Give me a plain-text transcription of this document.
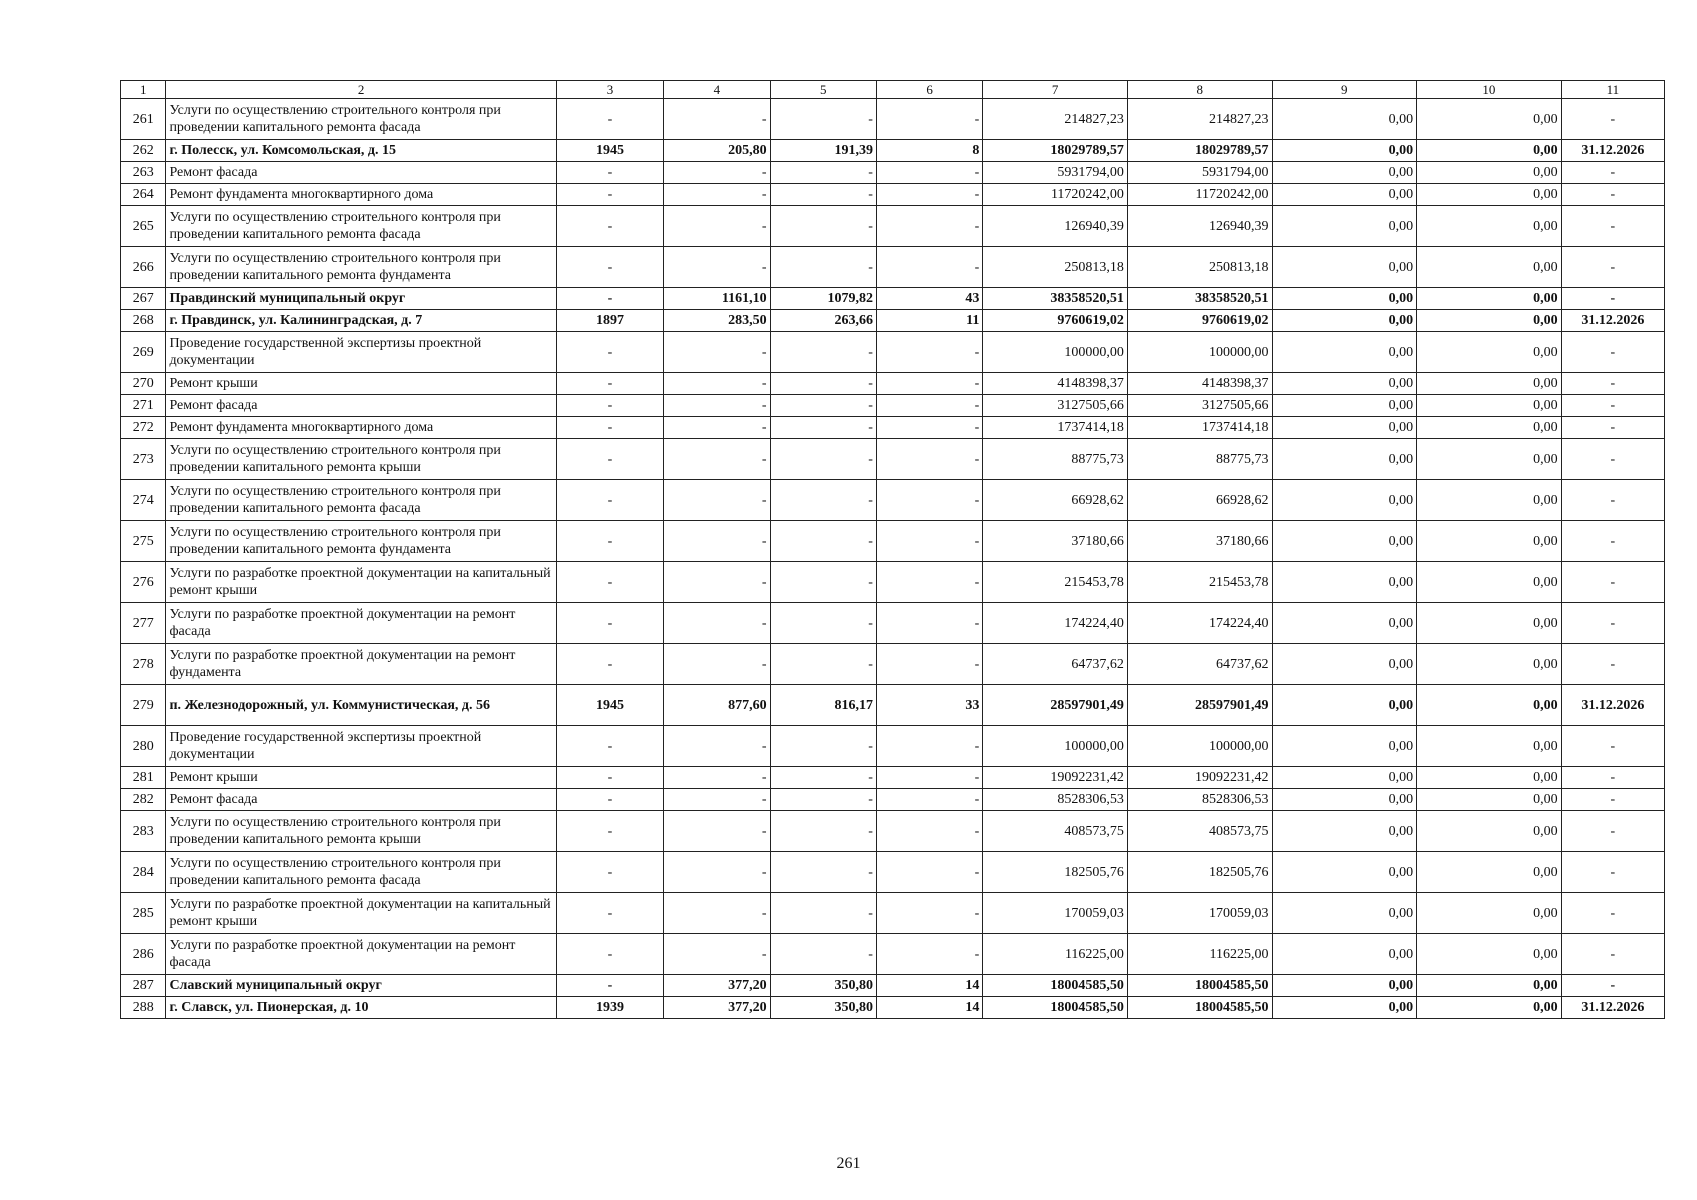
1	2	3	4	5	6	7	8	9	10	11
261	Услуги по осуществлению строительного контроля при проведении капитального ремонта фасада	-	-	-	-	214827,23	214827,23	0,00	0,00	-
262	г. Полесск, ул. Комсомольская, д. 15	1945	205,80	191,39	8	18029789,57	18029789,57	0,00	0,00	31.12.2026
263	Ремонт фасада	-	-	-	-	5931794,00	5931794,00	0,00	0,00	-
264	Ремонт фундамента многоквартирного дома	-	-	-	-	11720242,00	11720242,00	0,00	0,00	-
265	Услуги по осуществлению строительного контроля при проведении капитального ремонта фасада	-	-	-	-	126940,39	126940,39	0,00	0,00	-
266	Услуги по осуществлению строительного контроля при проведении капитального ремонта фундамента	-	-	-	-	250813,18	250813,18	0,00	0,00	-
267	Правдинский муниципальный округ	-	1161,10	1079,82	43	38358520,51	38358520,51	0,00	0,00	-
268	г. Правдинск, ул. Калининградская, д. 7	1897	283,50	263,66	11	9760619,02	9760619,02	0,00	0,00	31.12.2026
269	Проведение государственной экспертизы проектной документации	-	-	-	-	100000,00	100000,00	0,00	0,00	-
270	Ремонт крыши	-	-	-	-	4148398,37	4148398,37	0,00	0,00	-
271	Ремонт фасада	-	-	-	-	3127505,66	3127505,66	0,00	0,00	-
272	Ремонт фундамента многоквартирного дома	-	-	-	-	1737414,18	1737414,18	0,00	0,00	-
273	Услуги по осуществлению строительного контроля при проведении капитального ремонта крыши	-	-	-	-	88775,73	88775,73	0,00	0,00	-
274	Услуги по осуществлению строительного контроля при проведении капитального ремонта фасада	-	-	-	-	66928,62	66928,62	0,00	0,00	-
275	Услуги по осуществлению строительного контроля при проведении капитального ремонта фундамента	-	-	-	-	37180,66	37180,66	0,00	0,00	-
276	Услуги по разработке проектной документации на капитальный ремонт крыши	-	-	-	-	215453,78	215453,78	0,00	0,00	-
277	Услуги по разработке проектной документации на ремонт фасада	-	-	-	-	174224,40	174224,40	0,00	0,00	-
278	Услуги по разработке проектной документации на ремонт фундамента	-	-	-	-	64737,62	64737,62	0,00	0,00	-
279	п. Железнодорожный, ул. Коммунистическая, д. 56	1945	877,60	816,17	33	28597901,49	28597901,49	0,00	0,00	31.12.2026
280	Проведение государственной экспертизы проектной документации	-	-	-	-	100000,00	100000,00	0,00	0,00	-
281	Ремонт крыши	-	-	-	-	19092231,42	19092231,42	0,00	0,00	-
282	Ремонт фасада	-	-	-	-	8528306,53	8528306,53	0,00	0,00	-
283	Услуги по осуществлению строительного контроля при проведении капитального ремонта крыши	-	-	-	-	408573,75	408573,75	0,00	0,00	-
284	Услуги по осуществлению строительного контроля при проведении капитального ремонта фасада	-	-	-	-	182505,76	182505,76	0,00	0,00	-
285	Услуги по разработке проектной документации на капитальный ремонт крыши	-	-	-	-	170059,03	170059,03	0,00	0,00	-
286	Услуги по разработке проектной документации на ремонт фасада	-	-	-	-	116225,00	116225,00	0,00	0,00	-
287	Славский муниципальный округ	-	377,20	350,80	14	18004585,50	18004585,50	0,00	0,00	-
288	г. Славск, ул. Пионерская, д. 10	1939	377,20	350,80	14	18004585,50	18004585,50	0,00	0,00	31.12.2026
261
